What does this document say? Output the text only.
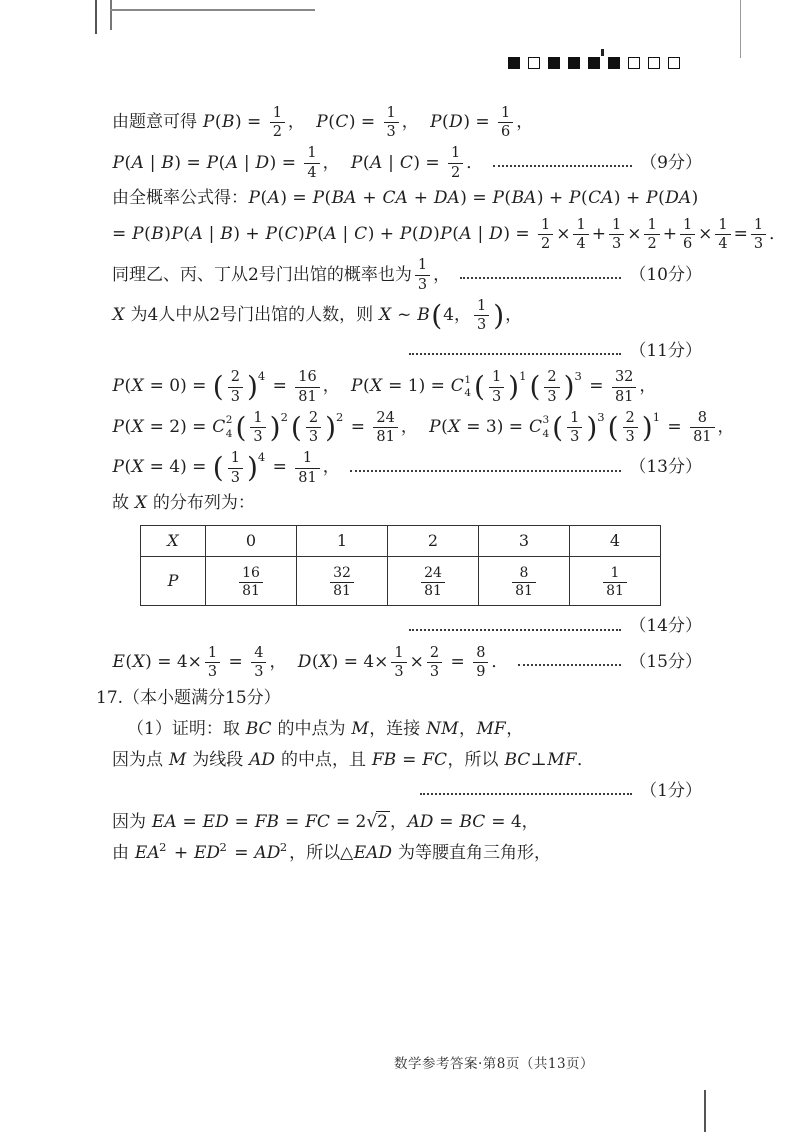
由题意可得 $P(B) = \frac{1}{2}$ ，  $P(C) = \frac{1}{3}$ ，  $P(D) = \frac{1}{6}$ ，
P(A | B) = P(A | $D) = \frac{1}{4}$ ，  P(A | $C) = \frac{1}{2}$ ．	（9分）
由全概率公式得：P(A) = P(BA + CA + DA) = P(BA) + P(CA) + P(DA)
= P(B)P(A | B) + P(C)P(A | C) + P(D)P(A | $D) = \frac{1}{2} \times \frac{1}{4} + \frac{1}{3} \times \frac{1}{2} + \frac{1}{6} \times \frac{1}{4} = \frac{1}{3}$ ．
同理乙、丙、丁从2号门出馆的概率也为 $\frac{1}{3}$ ，	（10分）
X 为4人中从2号门出馆的人数，则 X ~ B ( 4， $\frac{1}{3}$ ) ，
（11分）
P(X = 0) = ( $\frac{2}{3}$ ) 4
= $\frac{16}{81}$ ，  P(X = 1) = C 1
4 ( $\frac{1}{3}$ ) 1 ( $\frac{2}{3}$ ) 3
= $\frac{32}{81}$ ，
P(X = 2) = C 2
4 ( $\frac{1}{3}$ ) 2 ( $\frac{2}{3}$ ) 2
= $\frac{24}{81}$ ，  P(X = 3) = C 3
4 ( $\frac{1}{3}$ ) 3 ( $\frac{2}{3}$ ) 1
= $\frac{8}{81}$ ，
P(X = 4) = ( $\frac{1}{3}$ ) 4
= $\frac{1}{81}$ ，	（13分）
故 X 的分布列为：
X	0	1	2	3	4
P	$\frac{16}{81}$	$\frac{32}{81}$	$\frac{24}{81}$	$\frac{8}{81}$	$\frac{1}{81}$
（14分）
$E(X) = 4\times \frac{1}{3} = \frac{4}{3}$ ，  $D(X) = 4\times \frac{1}{3} \times \frac{2}{3} = \frac{8}{9}$ ．	（15分）
17.（本小题满分15分）
（1）证明：取 BC 的中点为 M，连接 NM，MF，
因为点 M 为线段 AD 的中点，且 FB = FC，所以 BC⊥MF．
（1分）
因为 EA = ED = FB = FC = 2 √2 ，AD = BC = 4，
由 EA 2 + ED 2 = AD 2 ，所以△EAD 为等腰直角三角形，
数学参考答案·第8页（共13页）
